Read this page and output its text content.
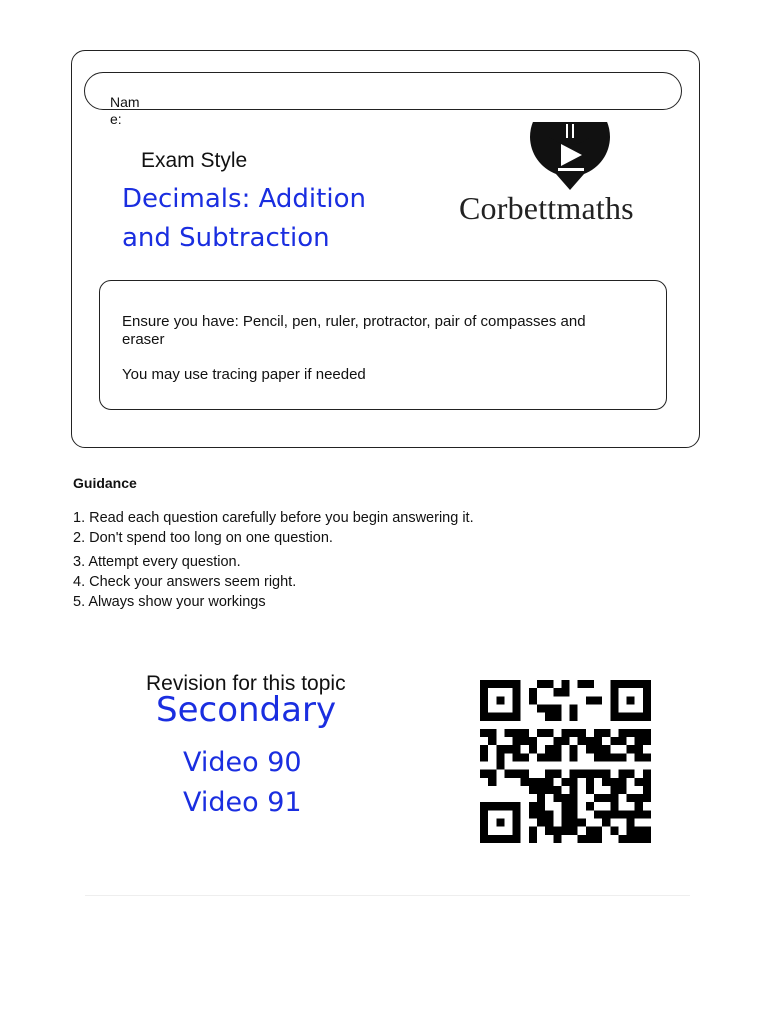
Name:
Exam Style
Decimals: Addition
and Subtraction
Corbettmaths
Ensure you have: Pencil, pen, ruler, protractor, pair of compasses and eraser
You may use tracing paper if needed
Guidance
1. Read each question carefully before you begin answering it.
2. Don't spend too long on one question.
3. Attempt every question.
4. Check your answers seem right.
5. Always show your workings
Revision for this topic
Secondary
Video 90
Video 91
